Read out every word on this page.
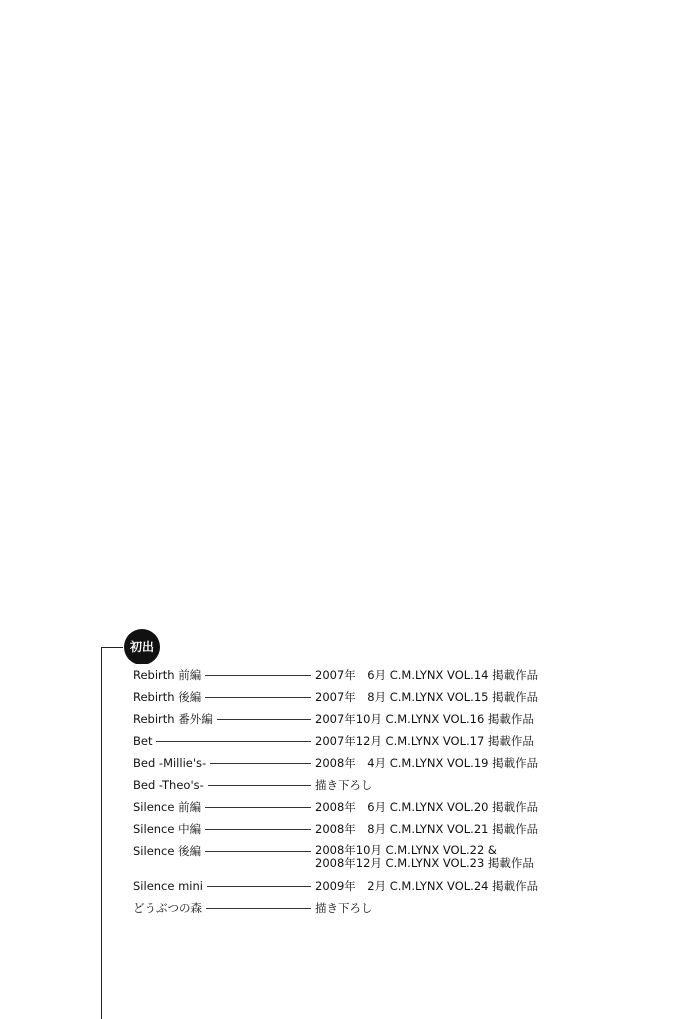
初出
Rebirth 前編	2007年　6月 C.M.LYNX VOL.14 掲載作品
Rebirth 後編	2007年　8月 C.M.LYNX VOL.15 掲載作品
Rebirth 番外編	2007年10月 C.M.LYNX VOL.16 掲載作品
Bet	2007年12月 C.M.LYNX VOL.17 掲載作品
Bed -Millie's-	2008年　4月 C.M.LYNX VOL.19 掲載作品
Bed -Theo's-	描き下ろし
Silence 前編	2008年　6月 C.M.LYNX VOL.20 掲載作品
Silence 中編	2008年　8月 C.M.LYNX VOL.21 掲載作品
Silence 後編	2008年10月 C.M.LYNX VOL.22 &
2008年12月 C.M.LYNX VOL.23 掲載作品
Silence mini	2009年　2月 C.M.LYNX VOL.24 掲載作品
どうぶつの森	描き下ろし
